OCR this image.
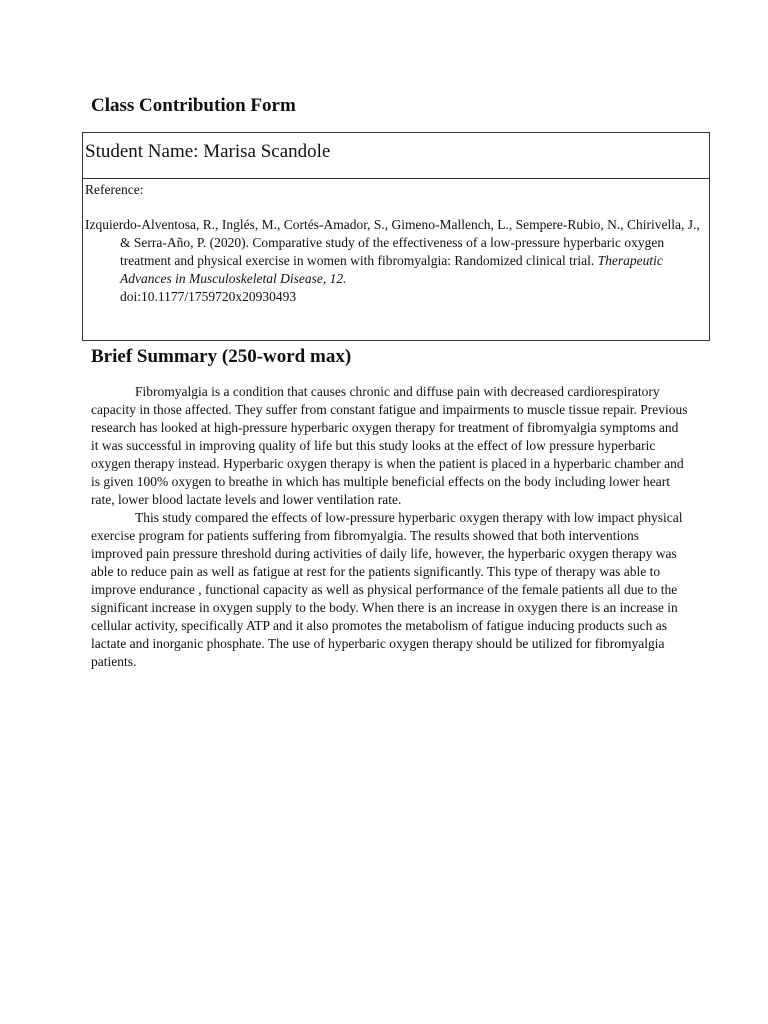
Class Contribution Form
Student Name: Marisa Scandole

Reference:

Izquierdo-Alventosa, R., Inglés, M., Cortés-Amador, S., Gimeno-Mallench, L., Sempere-Rubio, N., Chirivella, J., & Serra-Año, P. (2020). Comparative study of the effectiveness of a low-pressure hyperbaric oxygen treatment and physical exercise in women with fibromyalgia: Randomized clinical trial. Therapeutic Advances in Musculoskeletal Disease, 12.
doi:10.1177/1759720x20930493

Brief Summary (250-word max)

Fibromyalgia is a condition that causes chronic and diffuse pain with decreased cardiorespiratory capacity in those affected. They suffer from constant fatigue and impairments to muscle tissue repair. Previous research has looked at high-pressure hyperbaric oxygen therapy for treatment of fibromyalgia symptoms and it was successful in improving quality of life but this study looks at the effect of low pressure hyperbaric oxygen therapy instead. Hyperbaric oxygen therapy is when the patient is placed in a hyperbaric chamber and is given 100% oxygen to breathe in which has multiple beneficial effects on the body including lower heart rate, lower blood lactate levels and lower ventilation rate.

This study compared the effects of low-pressure hyperbaric oxygen therapy with low impact physical exercise program for patients suffering from fibromyalgia. The results showed that both interventions improved pain pressure threshold during activities of daily life, however, the hyperbaric oxygen therapy was able to reduce pain as well as fatigue at rest for the patients significantly. This type of therapy was able to improve endurance , functional capacity as well as physical performance of the female patients all due to the significant increase in oxygen supply to the body. When there is an increase in oxygen there is an increase in cellular activity, specifically ATP and it also promotes the metabolism of fatigue inducing products such as lactate and inorganic phosphate. The use of hyperbaric oxygen therapy should be utilized for fibromyalgia patients.
